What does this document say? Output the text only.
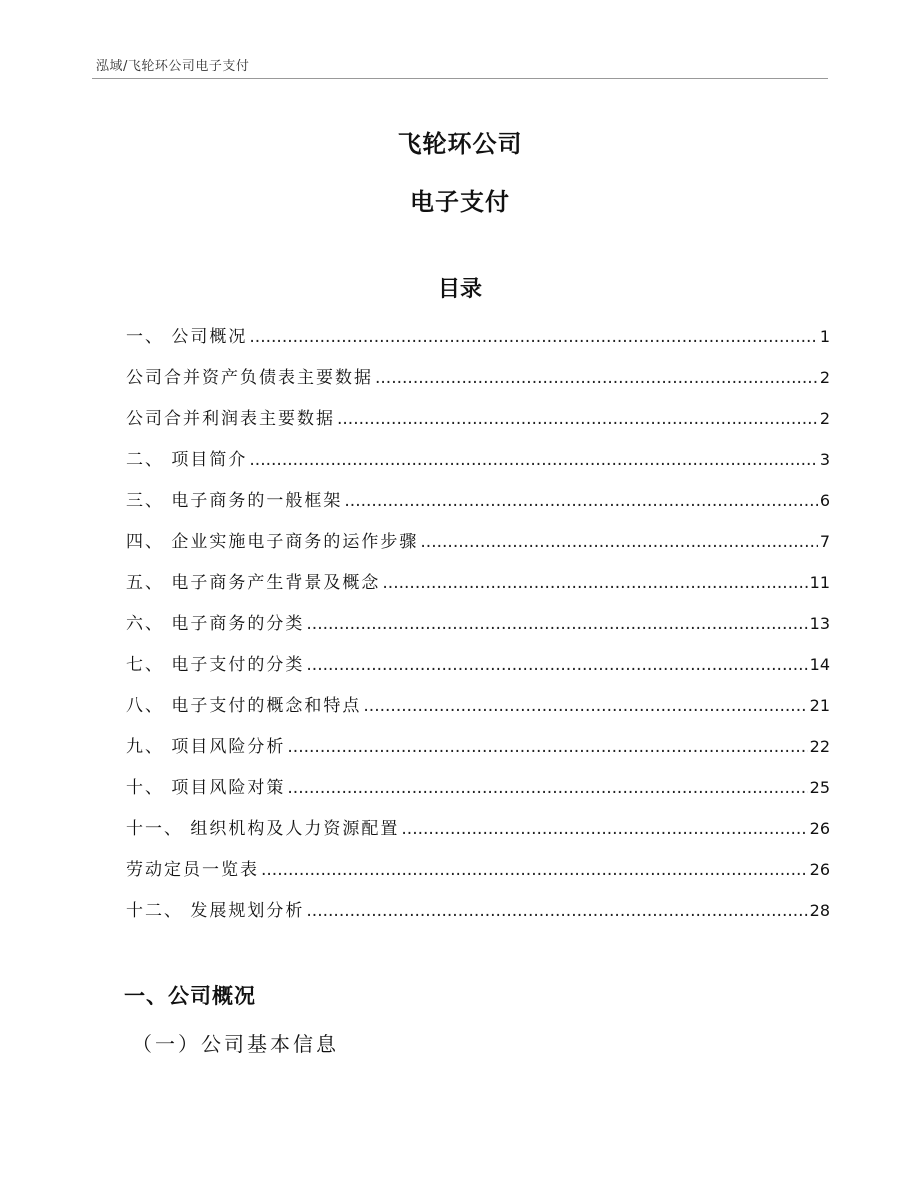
泓域/飞轮环公司电子支付
飞轮环公司
电子支付
目录
一、 公司概况 .....	1
公司合并资产负债表主要数据 .....	2
公司合并利润表主要数据 .....	2
二、 项目简介 .....	3
三、 电子商务的一般框架 .....	6
四、 企业实施电子商务的运作步骤 .....	7
五、 电子商务产生背景及概念 .....	11
六、 电子商务的分类 .....	13
七、 电子支付的分类 .....	14
八、 电子支付的概念和特点 .....	21
九、 项目风险分析 .....	22
十、 项目风险对策 .....	25
十一、 组织机构及人力资源配置 .....	26
劳动定员一览表 .....	26
十二、 发展规划分析 .....	28
一、公司概况
（一）公司基本信息
